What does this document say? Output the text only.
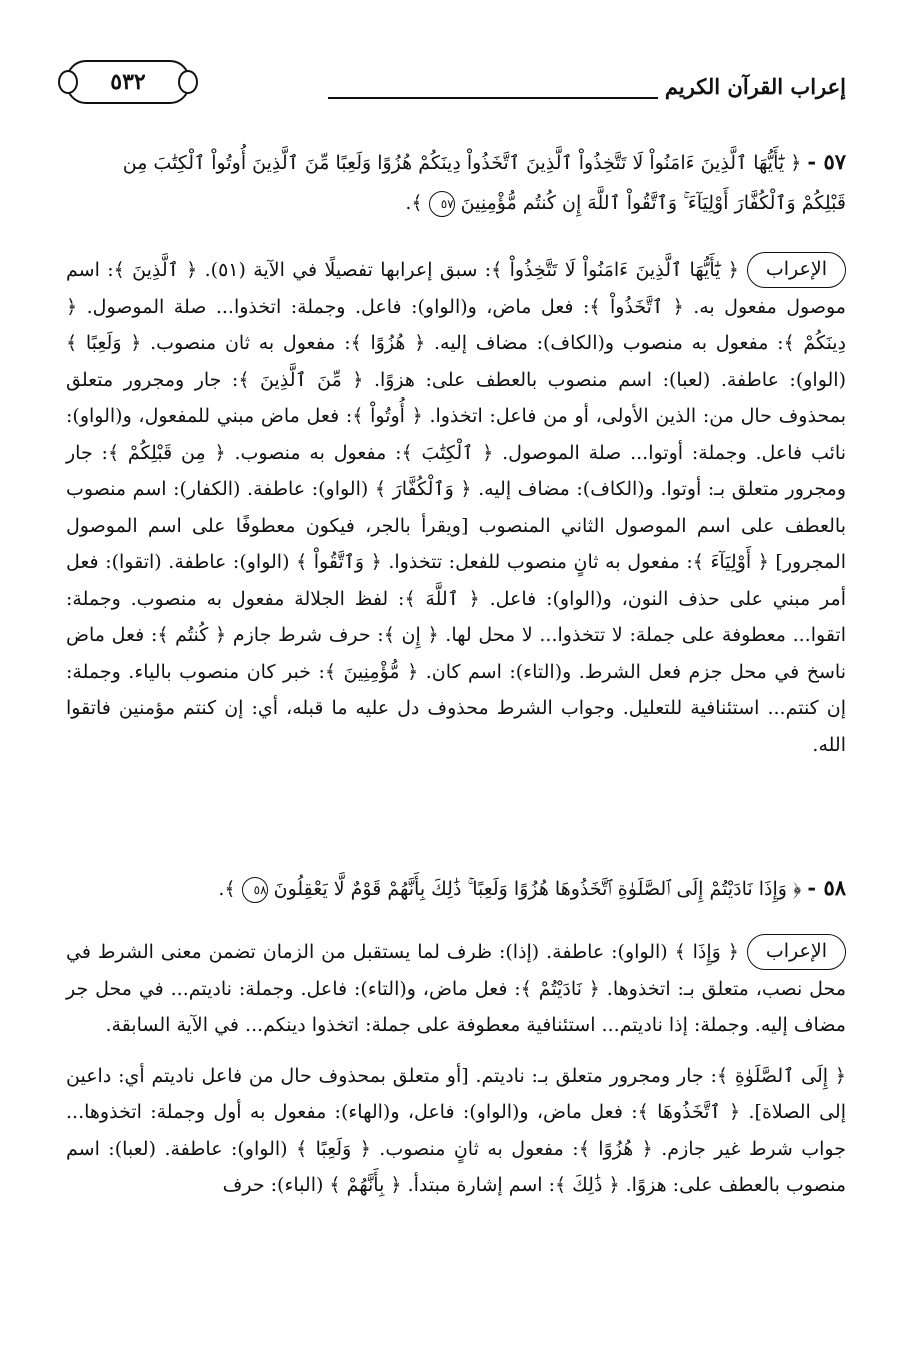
٥٣٢	إعراب القرآن الكريم
٥٧ - ﴿ يَٰٓأَيُّهَا ٱلَّذِينَ ءَامَنُواْ لَا تَتَّخِذُواْ ٱلَّذِينَ ٱتَّخَذُواْ دِينَكُمْ هُزُوًا وَلَعِبًا مِّنَ ٱلَّذِينَ أُوتُواْ ٱلْكِتَٰبَ مِن
قَبْلِكُمْ وَٱلْكُفَّارَ أَوْلِيَآءَ ۚ وَٱتَّقُواْ ٱللَّهَ إِن كُنتُم مُّؤْمِنِينَ ٥٧ ﴾.

الإعراب
﴿ يَٰٓأَيُّهَا ٱلَّذِينَ ءَامَنُواْ لَا تَتَّخِذُواْ ﴾: سبق إعرابها تفصيلًا في الآية (٥١). ﴿ ٱلَّذِينَ ﴾: اسم موصول مفعول به. ﴿ ٱتَّخَذُواْ ﴾: فعل ماض، و(الواو): فاعل. وجملة: اتخذوا... صلة الموصول. ﴿ دِينَكُمْ ﴾: مفعول به منصوب و(الكاف): مضاف إليه. ﴿ هُزُوًا ﴾: مفعول به ثان منصوب. ﴿ وَلَعِبًا ﴾ (الواو): عاطفة. (لعبا): اسم منصوب بالعطف على: هزوًا. ﴿ مِّنَ ٱلَّذِينَ ﴾: جار ومجرور متعلق بمحذوف حال من: الذين الأولى، أو من فاعل: اتخذوا. ﴿ أُوتُواْ ﴾: فعل ماض مبني للمفعول، و(الواو): نائب فاعل. وجملة: أوتوا... صلة الموصول. ﴿ ٱلْكِتَٰبَ ﴾: مفعول به منصوب. ﴿ مِن قَبْلِكُمْ ﴾: جار ومجرور متعلق بـ: أوتوا. و(الكاف): مضاف إليه. ﴿ وَٱلْكُفَّارَ ﴾ (الواو): عاطفة. (الكفار): اسم منصوب بالعطف على اسم الموصول الثاني المنصوب [ويقرأ بالجر، فيكون معطوفًا على اسم الموصول المجرور] ﴿ أَوْلِيَآءَ ﴾: مفعول به ثانٍ منصوب للفعل: تتخذوا. ﴿ وَٱتَّقُواْ ﴾ (الواو): عاطفة. (اتقوا): فعل أمر مبني على حذف النون، و(الواو): فاعل. ﴿ ٱللَّهَ ﴾: لفظ الجلالة مفعول به منصوب. وجملة: اتقوا... معطوفة على جملة: لا تتخذوا... لا محل لها. ﴿ إِن ﴾: حرف شرط جازم ﴿ كُنتُم ﴾: فعل ماض ناسخ في محل جزم فعل الشرط. و(التاء): اسم كان. ﴿ مُّؤْمِنِينَ ﴾: خبر كان منصوب بالياء. وجملة: إن كنتم... استئنافية للتعليل. وجواب الشرط محذوف دل عليه ما قبله، أي: إن كنتم مؤمنين فاتقوا الله.

٥٨ - ﴿ وَإِذَا نَادَيْتُمْ إِلَى ٱلصَّلَوٰةِ ٱتَّخَذُوهَا هُزُوًا وَلَعِبًا ۚ ذَٰلِكَ بِأَنَّهُمْ قَوْمٌ لَّا يَعْقِلُونَ ٥٨ ﴾.

الإعراب
﴿ وَإِذَا ﴾ (الواو): عاطفة. (إذا): ظرف لما يستقبل من الزمان تضمن معنى الشرط في محل نصب، متعلق بـ: اتخذوها. ﴿ نَادَيْتُمْ ﴾: فعل ماض، و(التاء): فاعل. وجملة: ناديتم... في محل جر مضاف إليه. وجملة: إذا ناديتم... استئنافية معطوفة على جملة: اتخذوا دينكم... في الآية السابقة.

﴿ إِلَى ٱلصَّلَوٰةِ ﴾: جار ومجرور متعلق بـ: ناديتم. [أو متعلق بمحذوف حال من فاعل ناديتم أي: داعين إلى الصلاة]. ﴿ ٱتَّخَذُوهَا ﴾: فعل ماض، و(الواو): فاعل، و(الهاء): مفعول به أول وجملة: اتخذوها... جواب شرط غير جازم. ﴿ هُزُوًا ﴾: مفعول به ثانٍ منصوب. ﴿ وَلَعِبًا ﴾ (الواو): عاطفة. (لعبا): اسم منصوب بالعطف على: هزوًا. ﴿ ذَٰلِكَ ﴾: اسم إشارة مبتدأ. ﴿ بِأَنَّهُمْ ﴾ (الباء): حرف
